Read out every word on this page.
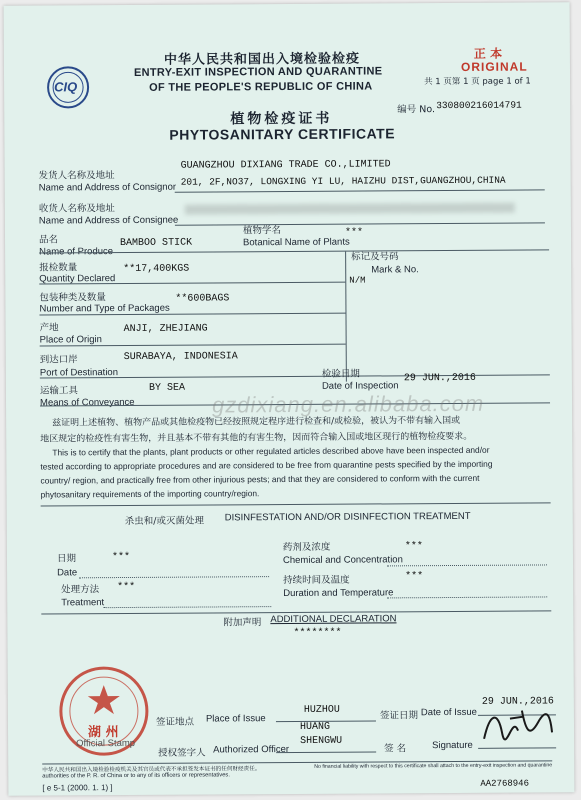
CIQ
中华人民共和国出入境检验检疫
ENTRY-EXIT INSPECTION AND QUARANTINE
OF THE PEOPLE'S REPUBLIC OF CHINA
正 本
ORIGINAL
共 1 页第 1 页 page 1 of 1
植物检疫证书
PHYTOSANITARY CERTIFICATE
编号 No. 330800216014791
发货人名称及地址
Name and Address of Consignor
GUANGZHOU DIXIANG TRADE CO.,LIMITED
201, 2F,NO37, LONGXING YI LU, HAIZHU DIST,GUANGZHOU,CHINA
收货人名称及地址
Name and Address of Consignee
品名
Name of Produce
BAMBOO STICK
植物学名
Botanical Name of Plants
***
报检数量
Quantity Declared
**17,400KGS
标记及号码
Mark & No.
N/M
包装种类及数量
Number and Type of Packages
**600BAGS
产地
Place of Origin
ANJI, ZHEJIANG
到达口岸
Port of Destination
SURABAYA, INDONESIA
运输工具
Means of Conveyance
BY SEA
检验日期
Date of Inspection
29 JUN.,2016
gzdixiang.en.alibaba.com
兹证明上述植物、植物产品或其他检疫物已经按照规定程序进行检查和/或检验，被认为不带有输入国或
地区规定的检疫性有害生物，并且基本不带有其他的有害生物，因而符合输入国或地区现行的植物检疫要求。
This is to certify that the plants, plant products or other regulated articles described above have been inspected and/or
tested according to appropriate procedures and are considered to be free from quarantine pests specified by the importing
country/ region, and practically free from other injurious pests; and that they are considered to conform with the current
phytosanitary requirements of the importing country/region.
杀虫和/或灭菌处理 DISINFESTATION AND/OR DISINFECTION TREATMENT
日期
Date
***
药剂及浓度
Chemical and Concentration
***
处理方法
Treatment
***
持续时间及温度
Duration and Temperature
***
附加声明 ADDITIONAL DECLARATION
********
湖 州
Official Stamp
签证地点 Place of Issue
HUZHOU	签证日期 Date of Issue
29 JUN.,2016
授权签字人 Authorized Officer
HUANG
SHENGWU
签 名	Signature
中华人民共和国出入境检验检疫机关及其官员或代表不承担签发本证书的任何财经责任。	No financial liability with respect to this certificate shall attach to the entry-exit inspection and quarantine
authorities of the P. R. of China or to any of its officers or representatives.
[ e 5-1 (2000. 1. 1) ]	AA2768946
